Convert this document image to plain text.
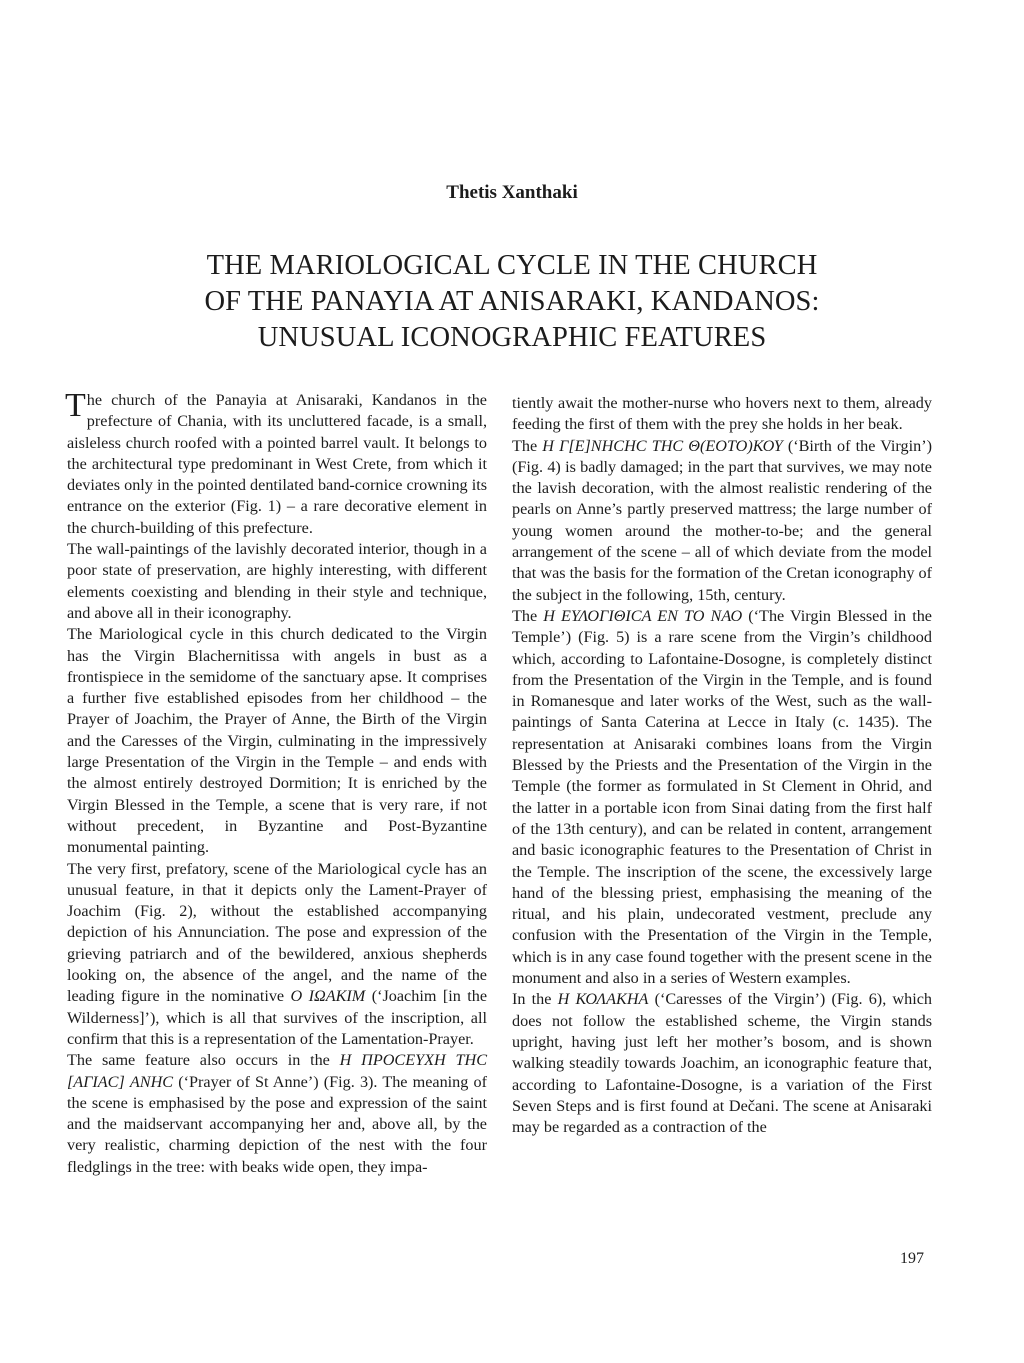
Thetis Xanthaki
THE MARIOLOGICAL CYCLE IN THE CHURCH
OF THE PANAYIA AT ANISARAKI, KANDANOS:
UNUSUAL ICONOGRAPHIC FEATURES

The church of the Panayia at Anisaraki, Kandanos in the prefecture of Chania, with its uncluttered facade, is a small, aisleless church roofed with a pointed barrel vault. It belongs to the architectural type predominant in West Crete, from which it deviates only in the pointed dentilated band-cornice crowning its entrance on the exterior (Fig. 1) – a rare decorative element in the church-building of this prefecture.

The wall-paintings of the lavishly decorated interior, though in a poor state of preservation, are highly interesting, with different elements coexisting and blending in their style and technique, and above all in their iconography.

The Mariological cycle in this church dedicated to the Virgin has the Virgin Blachernitissa with angels in bust as a frontispiece in the semidome of the sanctuary apse. It comprises a further five established episodes from her childhood – the Prayer of Joachim, the Prayer of Anne, the Birth of the Virgin and the Caresses of the Virgin, culminating in the impressively large Presentation of the Virgin in the Temple – and ends with the almost entirely destroyed Dormition; It is enriched by the Virgin Blessed in the Temple, a scene that is very rare, if not without precedent, in Byzantine and Post-Byzantine monumental painting.

The very first, prefatory, scene of the Mariological cycle has an unusual feature, in that it depicts only the Lament-Prayer of Joachim (Fig. 2), without the established accompanying depiction of his Annunciation. The pose and expression of the grieving patriarch and of the bewildered, anxious shepherds looking on, the absence of the angel, and the name of the leading figure in the nominative Ο ΙΩΑΚΙΜ (‘Joachim [in the Wilderness]’), which is all that survives of the inscription, all confirm that this is a representation of the Lamentation-Prayer.

The same feature also occurs in the Η ΠΡΟCΕΥΧΗ ΤΗC [ΑΓΙΑC] ΑΝΗC (‘Prayer of St Anne’) (Fig. 3). The meaning of the scene is emphasised by the pose and expression of the saint and the maidservant accompanying her and, above all, by the very realistic, charming depiction of the nest with the four fledglings in the tree: with beaks wide open, they impa-

tiently await the mother-nurse who hovers next to them, already feeding the first of them with the prey she holds in her beak.

The Η Γ[Ε]ΝΗCΗC ΤΗC Θ(ΕΟΤΟ)ΚΟΥ (‘Birth of the Virgin’) (Fig. 4) is badly damaged; in the part that survives, we may note the lavish decoration, with the almost realistic rendering of the pearls on Anne’s partly preserved mattress; the large number of young women around the mother-to-be; and the general arrangement of the scene – all of which deviate from the model that was the basis for the formation of the Cretan iconography of the subject in the following, 15th, century.

The Η ΕΥΛΟΓΙΘΙCΑ ΕΝ ΤΟ ΝΑΟ (‘The Virgin Blessed in the Temple’) (Fig. 5) is a rare scene from the Virgin’s childhood which, according to Lafontaine-Dosogne, is completely distinct from the Presentation of the Virgin in the Temple, and is found in Romanesque and later works of the West, such as the wall-paintings of Santa Caterina at Lecce in Italy (c. 1435). The representation at Anisaraki combines loans from the Virgin Blessed by the Priests and the Presentation of the Virgin in the Temple (the former as formulated in St Clement in Ohrid, and the latter in a portable icon from Sinai dating from the first half of the 13th century), and can be related in content, arrangement and basic iconographic features to the Presentation of Christ in the Temple. The inscription of the scene, the excessively large hand of the blessing priest, emphasising the meaning of the ritual, and his plain, undecorated vestment, preclude any confusion with the Presentation of the Virgin in the Temple, which is in any case found together with the present scene in the monument and also in a series of Western examples.

In the Η ΚΟΛΑΚΗΑ (‘Caresses of the Virgin’) (Fig. 6), which does not follow the established scheme, the Virgin stands upright, having just left her mother’s bosom, and is shown walking steadily towards Joachim, an iconographic feature that, according to Lafontaine-Dosogne, is a variation of the First Seven Steps and is first found at Dečani. The scene at Anisaraki may be regarded as a contraction of the

197
